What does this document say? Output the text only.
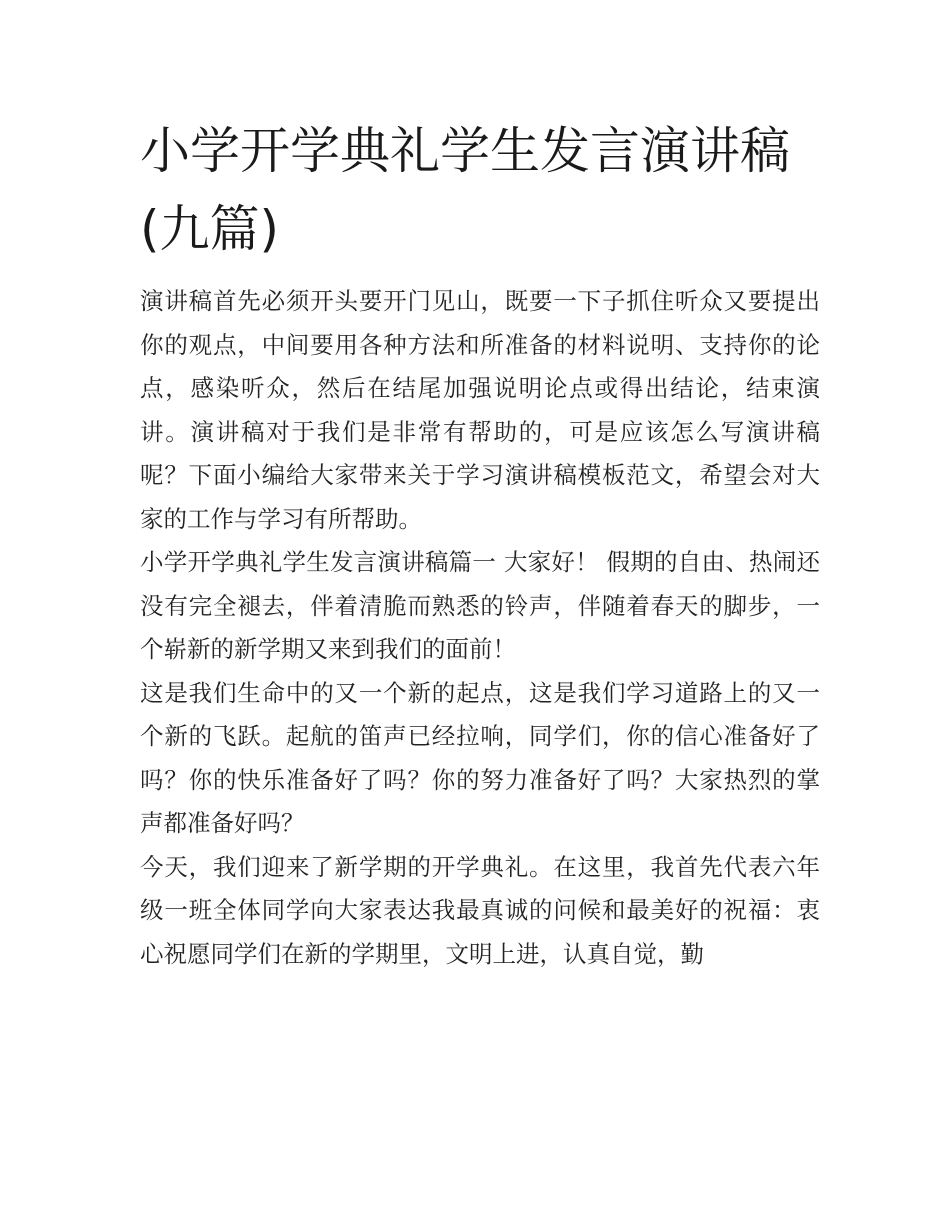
小学开学典礼学生发言演讲稿(九篇)

演讲稿首先必须开头要开门见山，既要一下子抓住听众又要提出你的观点，中间要用各种方法和所准备的材料说明、支持你的论点，感染听众，然后在结尾加强说明论点或得出结论，结束演讲。演讲稿对于我们是非常有帮助的，可是应该怎么写演讲稿呢？下面小编给大家带来关于学习演讲稿模板范文，希望会对大家的工作与学习有所帮助。

小学开学典礼学生发言演讲稿篇一 大家好！ 假期的自由、热闹还没有完全褪去，伴着清脆而熟悉的铃声，伴随着春天的脚步，一个崭新的新学期又来到我们的面前！

这是我们生命中的又一个新的起点，这是我们学习道路上的又一个新的飞跃。起航的笛声已经拉响，同学们，你的信心准备好了吗？你的快乐准备好了吗？你的努力准备好了吗？大家热烈的掌声都准备好吗？

今天，我们迎来了新学期的开学典礼。在这里，我首先代表六年级一班全体同学向大家表达我最真诚的问候和最美好的祝福：衷心祝愿同学们在新的学期里，文明上进，认真自觉，勤
